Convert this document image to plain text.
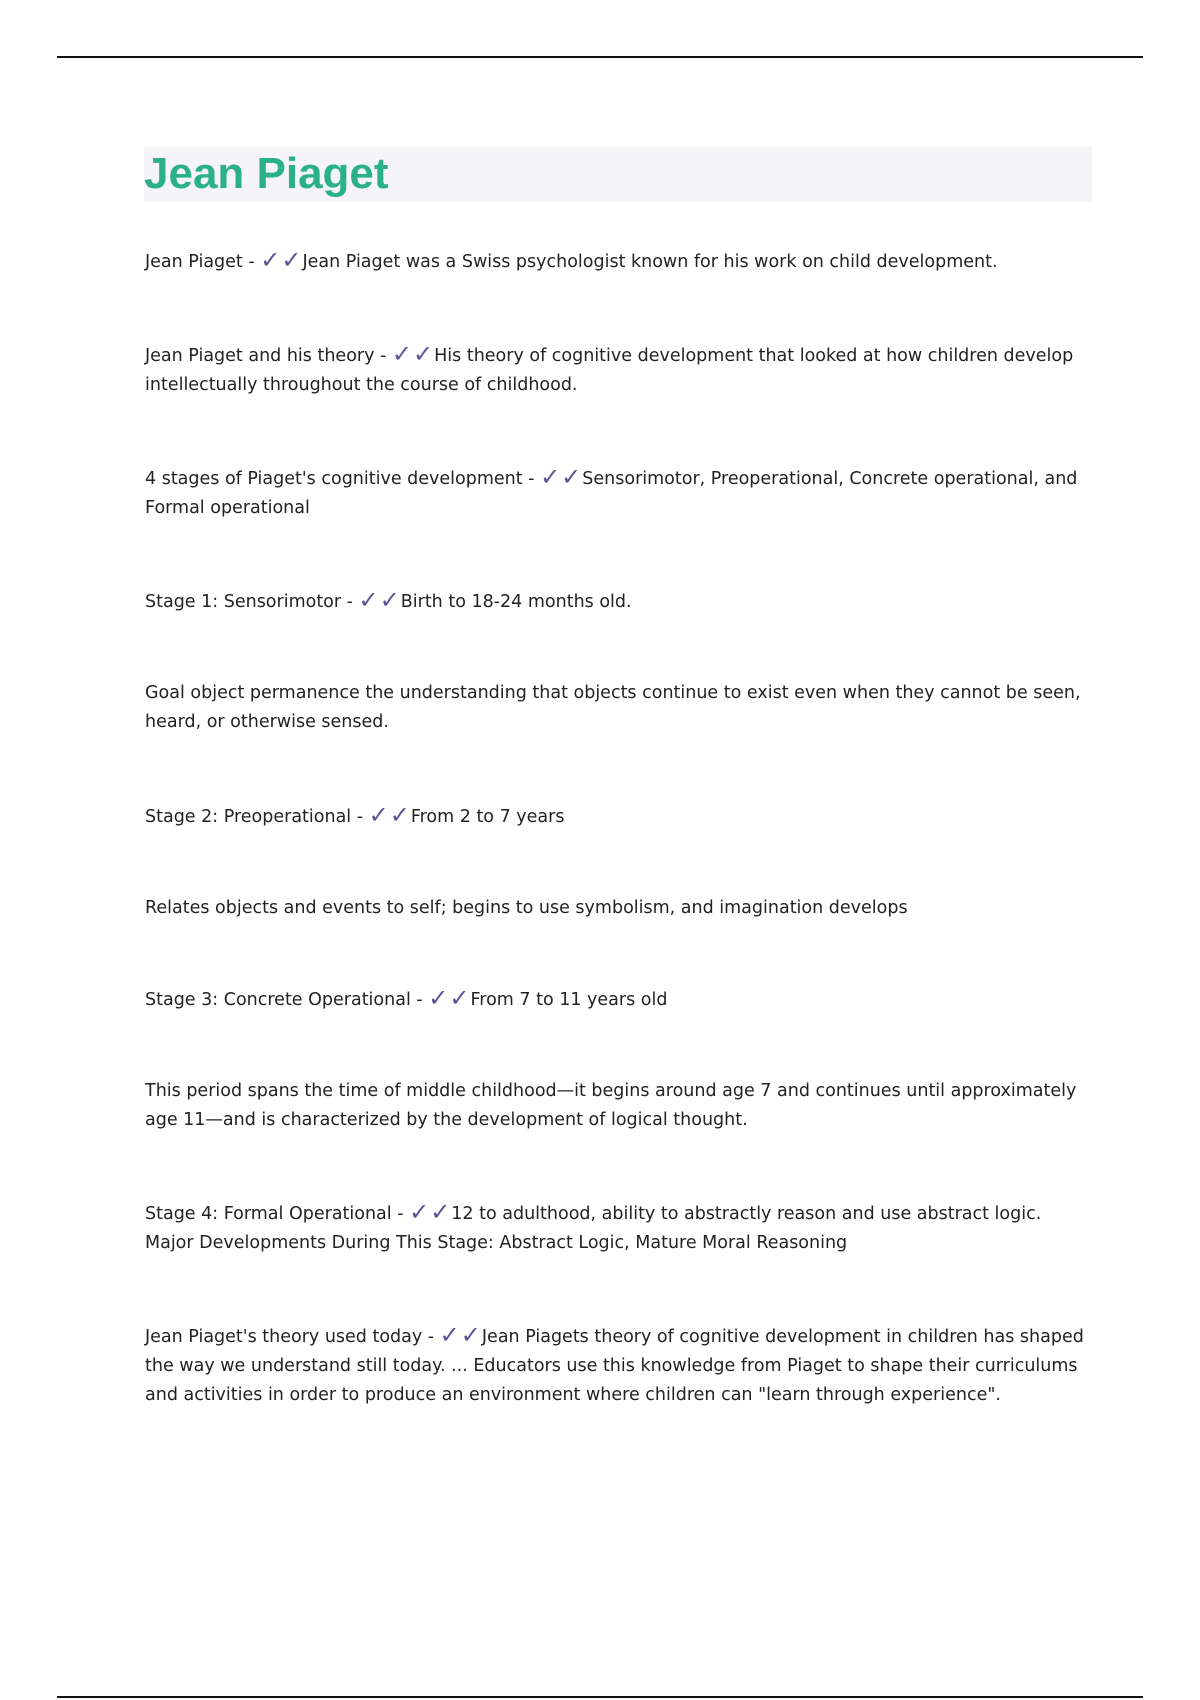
Jean Piaget

Jean Piaget - ✓✓Jean Piaget was a Swiss psychologist known for his work on child development.

Jean Piaget and his theory - ✓✓His theory of cognitive development that looked at how children develop intellectually throughout the course of childhood.

4 stages of Piaget's cognitive development - ✓✓Sensorimotor, Preoperational, Concrete operational, and Formal operational

Stage 1: Sensorimotor - ✓✓Birth to 18-24 months old.

Goal object permanence the understanding that objects continue to exist even when they cannot be seen, heard, or otherwise sensed.

Stage 2: Preoperational - ✓✓From 2 to 7 years

Relates objects and events to self; begins to use symbolism, and imagination develops

Stage 3: Concrete Operational - ✓✓From 7 to 11 years old

This period spans the time of middle childhood—it begins around age 7 and continues until approximately age 11—and is characterized by the development of logical thought.

Stage 4: Formal Operational - ✓✓12 to adulthood, ability to abstractly reason and use abstract logic. Major Developments During This Stage: Abstract Logic, Mature Moral Reasoning

Jean Piaget's theory used today - ✓✓Jean Piagets theory of cognitive development in children has shaped the way we understand still today. ... Educators use this knowledge from Piaget to shape their curriculums and activities in order to produce an environment where children can "learn through experience".
